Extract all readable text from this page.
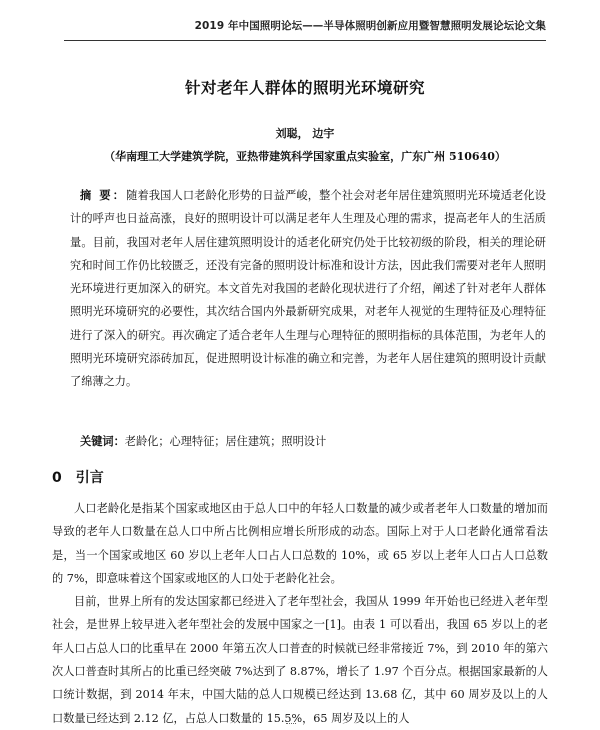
2019 年中国照明论坛——半导体照明创新应用暨智慧照明发展论坛论文集
针对老年人群体的照明光环境研究
刘聪， 边宇
（华南理工大学建筑学院，亚热带建筑科学国家重点实验室，广东广州 510640）
摘 要：随着我国人口老龄化形势的日益严峻，整个社会对老年居住建筑照明光环境适老化设计的呼声也日益高涨，良好的照明设计可以满足老年人生理及心理的需求，提高老年人的生活质量。目前，我国对老年人居住建筑照明设计的适老化研究仍处于比较初级的阶段，相关的理论研究和时间工作仍比较匮乏，还没有完备的照明设计标准和设计方法，因此我们需要对老年人照明光环境进行更加深入的研究。本文首先对我国的老龄化现状进行了介绍，阐述了针对老年人群体照明光环境研究的必要性，其次结合国内外最新研究成果，对老年人视觉的生理特征及心理特征进行了深入的研究。再次确定了适合老年人生理与心理特征的照明指标的具体范围，为老年人的照明光环境研究添砖加瓦，促进照明设计标准的确立和完善，为老年人居住建筑的照明设计贡献了绵薄之力。
关键词：老龄化；心理特征；居住建筑；照明设计
0 引言

人口老龄化是指某个国家或地区由于总人口中的年轻人口数量的减少或者老年人口数量的增加而导致的老年人口数量在总人口中所占比例相应增长所形成的动态。国际上对于人口老龄化通常看法是，当一个国家或地区 60 岁以上老年人口占人口总数的 10%，或 65 岁以上老年人口占人口总数的 7%，即意味着这个国家或地区的人口处于老龄化社会。

目前，世界上所有的发达国家都已经进入了老年型社会，我国从 1999 年开始也已经进入老年型社会，是世界上较早进入老年型社会的发展中国家之一[1]。由表 1 可以看出，我国 65 岁以上的老年人口占总人口的比重早在 2000 年第五次人口普查的时候就已经非常接近 7%，到 2010 年的第六次人口普查时其所占的比重已经突破 7%达到了 8.87%，增长了 1.97 个百分点。根据国家最新的人口统计数据，到 2014 年末，中国大陆的总人口规模已经达到 13.68 亿，其中 60 周岁及以上的人口数量已经达到 2.12 亿，占总人口数量的 15.5%，65 周岁及以上的人
